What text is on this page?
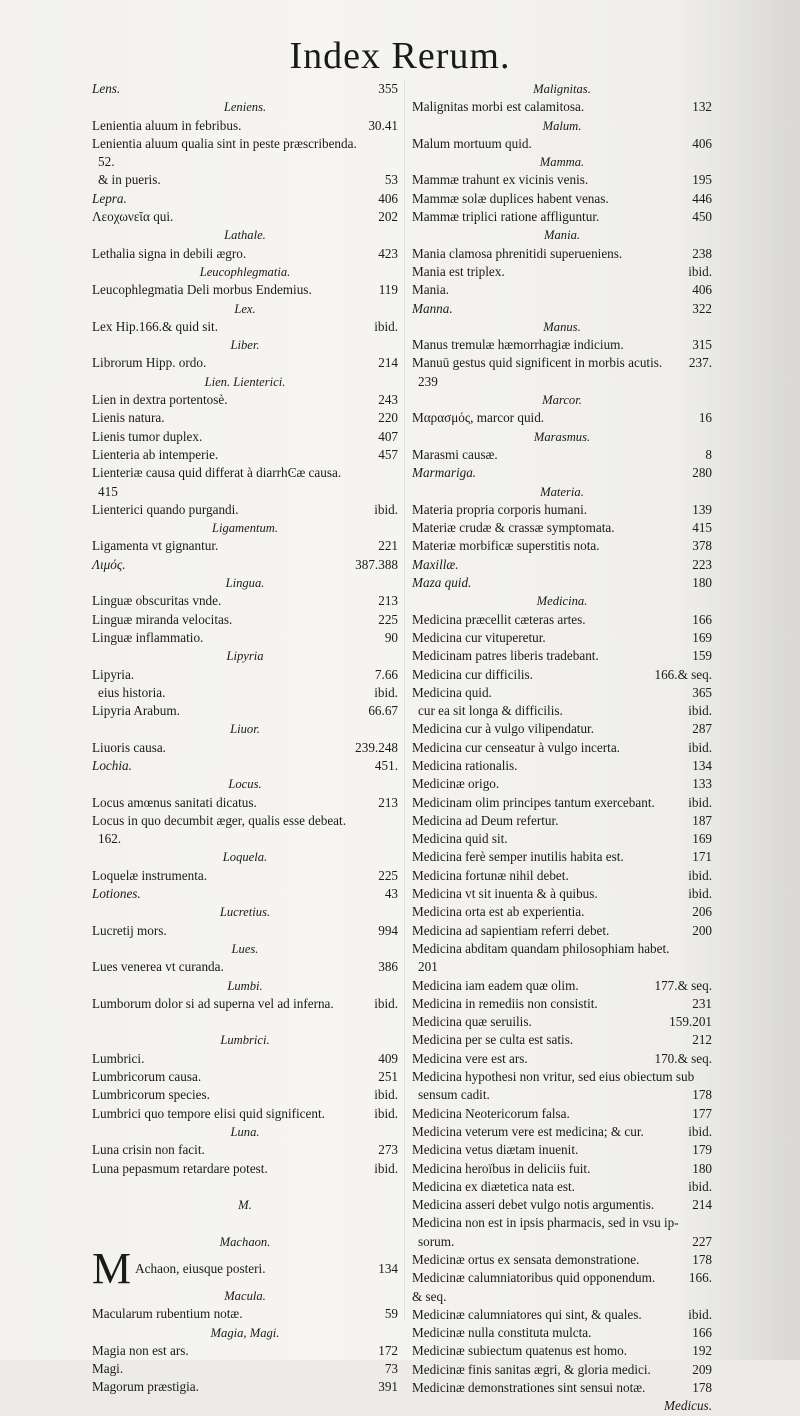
Index Rerum.
Lens.	355
Leniens.
Lenientia aluum in febribus.	30.41
Lenientia aluum qualia sint in peste præscribenda.
52.
& in pueris.	53
Lepra.	406
Λεοχωνεῖα qui.	202
Lathale.
Lethalia signa in debili ægro.	423
Leucophlegmatia.
Leucophlegmatia Deli morbus Endemius.	119
Lex.
Lex Hip.166.& quid sit.	ibid.
Liber.
Librorum Hipp. ordo.	214
Lien. Lienterici.
Lien in dextra portentosè.	243
Lienis natura.	220
Lienis tumor duplex.	407
Lienteria ab intemperie.	457
Lienteriæ causa quid differat à diarrhϾæ causa.
415
Lienterici quando purgandi.	ibid.
Ligamentum.
Ligamenta vt gignantur.	221
Λιμός.	387.388
Lingua.
Linguæ obscuritas vnde.	213
Linguæ miranda velocitas.	225
Linguæ inflammatio.	90
Lipyria
Lipyria.	7.66
eius historia.	ibid.
Lipyria Arabum.	66.67
Liuor.
Liuoris causa.	239.248
Lochia.	451.
Locus.
Locus amœnus sanitati dicatus.	213
Locus in quo decumbit æger, qualis esse debeat.
162.
Loquela.
Loquelæ instrumenta.	225
Lotiones.	43
Lucretius.
Lucretij mors.	994
Lues.
Lues venerea vt curanda.	386
Lumbi.
Lumborum dolor si ad superna vel ad inferna.	ibid.
Lumbrici.
Lumbrici.	409
Lumbricorum causa.	251
Lumbricorum species.	ibid.
Lumbrici quo tempore elisi quid significent.	ibid.
Luna.
Luna crisin non facit.	273
Luna pepasmum retardare potest.	ibid.
M.
Machaon.
M Achaon, eiusque posteri.	134
Macula.
Macularum rubentium notæ.	59
Magia, Magi.
Magia non est ars.	172
Magi.	73
Magorum præstigia.	391
Malignitas.
Malignitas morbi est calamitosa.	132
Malum.
Malum mortuum quid.	406
Mamma.
Mammæ trahunt ex vicinis venis.	195
Mammæ solæ duplices habent venas.	446
Mammæ triplici ratione affliguntur.	450
Mania.
Mania clamosa phrenitidi superueniens.	238
Mania est triplex.	ibid.
Mania.	406
Manna.	322
Manus.
Manus tremulæ hæmorrhagiæ indicium.	315
Manuū gestus quid significent in morbis acutis. 237.
239
Marcor.
Μαρασμός, marcor quid.	16
Marasmus.
Marasmi causæ.	8
Marmariga.	280
Materia.
Materia propria corporis humani.	139
Materiæ crudæ & crassæ symptomata.	415
Materiæ morbificæ superstitis nota.	378
Maxillæ.	223
Maza quid.	180
Medicina.
Medicina præcellit cæteras artes.	166
Medicina cur vituperetur.	169
Medicinam patres liberis tradebant.	159
Medicina cur difficilis.	166.& seq.
Medicina quid.	365
cur ea sit longa & difficilis.	ibid.
Medicina cur à vulgo vilipendatur.	287
Medicina cur censeatur à vulgo incerta.	ibid.
Medicina rationalis.	134
Medicinæ origo.	133
Medicinam olim principes tantum exercebant.	ibid.
Medicina ad Deum refertur.	187
Medicina quid sit.	169
Medicina ferè semper inutilis habita est.	171
Medicina fortunæ nihil debet.	ibid.
Medicina vt sit inuenta & à quibus.	ibid.
Medicina orta est ab experientia.	206
Medicina ad sapientiam referri debet.	200
Medicina abditam quandam philosophiam habet.
201
Medicina iam eadem quæ olim.	177.& seq.
Medicina in remediis non consistit.	231
Medicina quæ seruilis.	159.201
Medicina per se culta est satis.	212
Medicina vere est ars.	170.& seq.
Medicina hypothesi non vritur, sed eius obiectum sub
sensum cadit.	178
Medicina Neotericorum falsa.	177
Medicina veterum vere est medicina; & cur.	ibid.
Medicina vetus diætam inuenit.	179
Medicina heroïbus in deliciis fuit.	180
Medicina ex diætetica nata est.	ibid.
Medicina asseri debet vulgo notis argumentis.	214
Medicina non est in ipsis pharmacis, sed in vsu ip-
sorum.	227
Medicinæ ortus ex sensata demonstratione.	178
Medicinæ calumniatoribus quid opponendum.	166.
& seq.
Medicinæ calumniatores qui sint, & quales.	ibid.
Medicinæ nulla constituta mulcta.	166
Medicinæ subiectum quatenus est homo.	192
Medicinæ finis sanitas ægri, & gloria medici.	209
Medicinæ demonstrationes sint sensui notæ.	178
Medicus.
